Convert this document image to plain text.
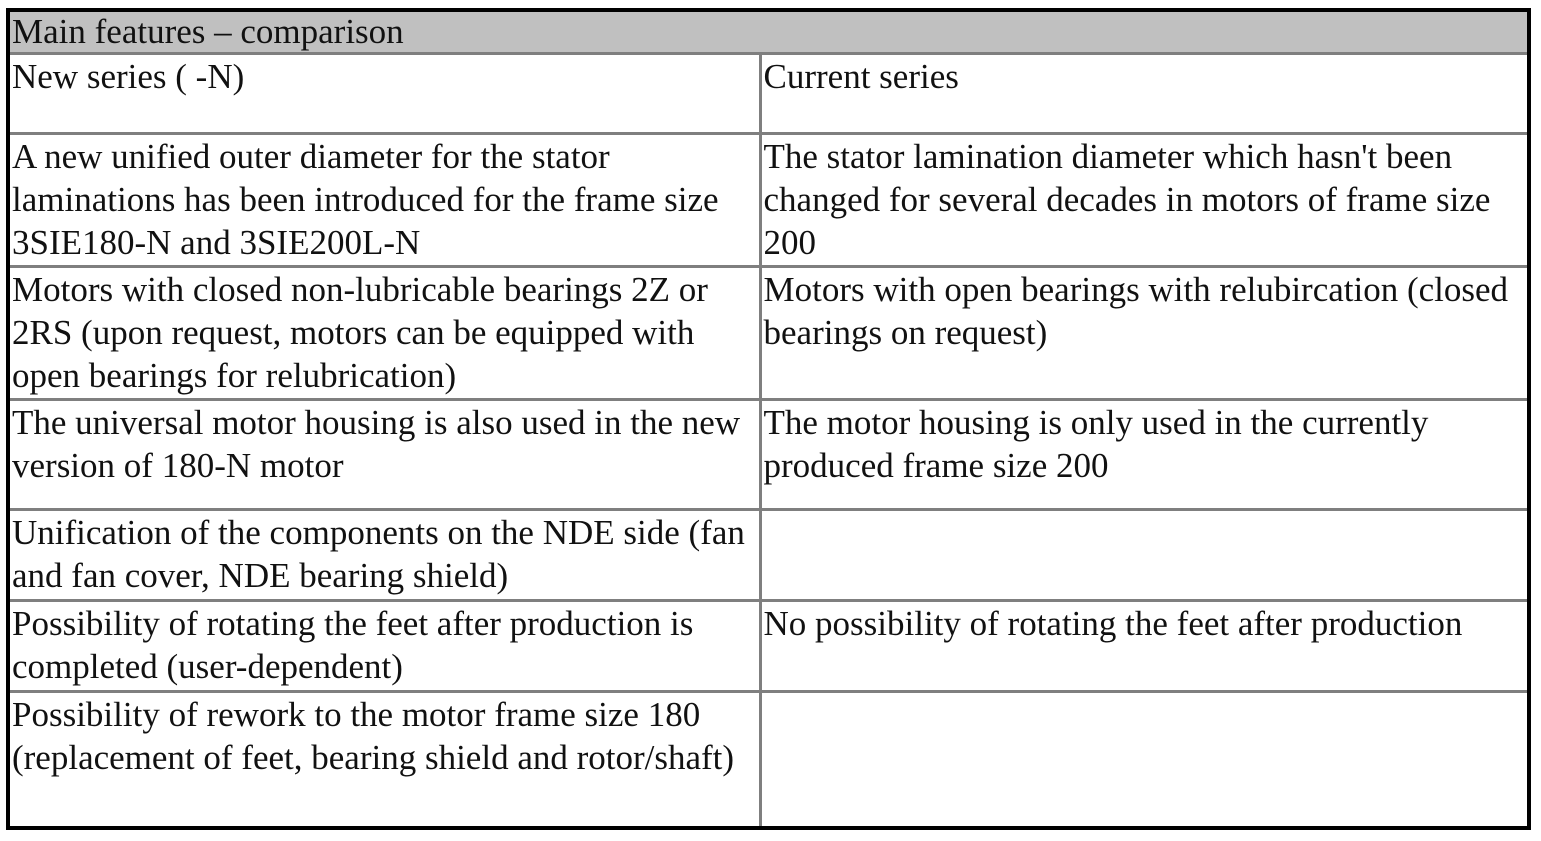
Main features – comparison	
New series ( -N)	Current series
A new unified outer diameter for the stator laminations has been introduced for the frame size 3SIE180-N and 3SIE200L-N	The stator lamination diameter which hasn't been changed for several decades in motors of frame size 200
Motors with closed non-lubricable bearings 2Z or 2RS (upon request, motors can be equipped with open bearings for relubrication)	Motors with open bearings with relubircation (closed bearings on request)
The universal motor housing is also used in the new version of 180-N motor	The motor housing is only used in the currently produced frame size 200
Unification of the components on the NDE side (fan and fan cover, NDE bearing shield)	
Possibility of rotating the feet after production is completed (user-dependent)	No possibility of rotating the feet after production
Possibility of rework to the motor frame size 180 (replacement of feet, bearing shield and rotor/shaft)	
